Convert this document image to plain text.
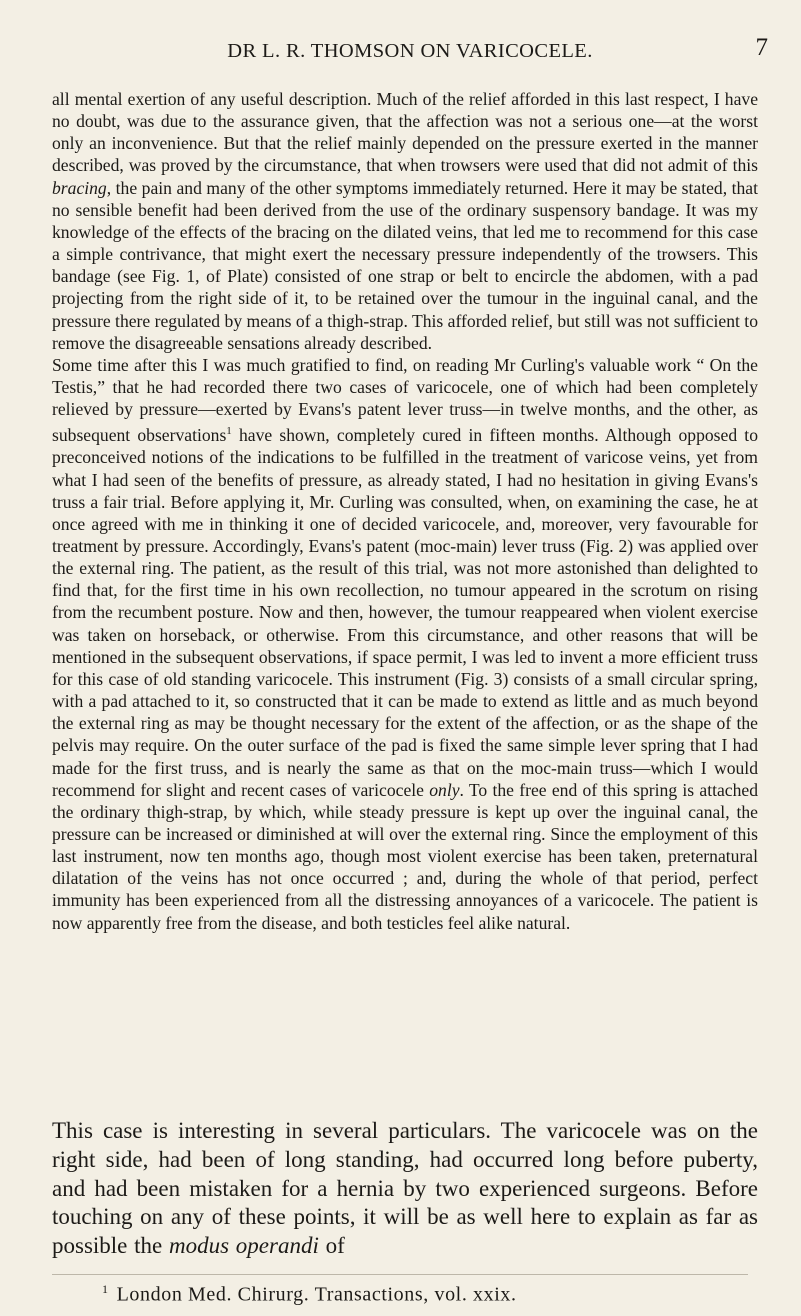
DR L. R. THOMSON ON VARICOCELE.	7

all mental exertion of any useful description. Much of the relief afforded in this last respect, I have no doubt, was due to the assurance given, that the affection was not a serious one—at the worst only an inconvenience. But that the relief mainly depended on the pressure exerted in the manner described, was proved by the circumstance, that when trowsers were used that did not admit of this bracing, the pain and many of the other symptoms immediately returned. Here it may be stated, that no sensible benefit had been derived from the use of the ordinary suspensory bandage. It was my knowledge of the effects of the bracing on the dilated veins, that led me to recommend for this case a simple contrivance, that might exert the necessary pressure independently of the trowsers. This bandage (see Fig. 1, of Plate) consisted of one strap or belt to encircle the abdomen, with a pad projecting from the right side of it, to be retained over the tumour in the inguinal canal, and the pressure there regulated by means of a thigh-strap. This afforded relief, but still was not sufficient to remove the disagreeable sensations already described.

Some time after this I was much gratified to find, on reading Mr Curling's valuable work “ On the Testis,” that he had recorded there two cases of varicocele, one of which had been completely relieved by pressure—exerted by Evans's patent lever truss—in twelve months, and the other, as subsequent observations$^1$ have shown, completely cured in fifteen months. Although opposed to preconceived notions of the indications to be fulfilled in the treatment of varicose veins, yet from what I had seen of the benefits of pressure, as already stated, I had no hesitation in giving Evans's truss a fair trial. Before applying it, Mr. Curling was consulted, when, on examining the case, he at once agreed with me in thinking it one of decided varicocele, and, moreover, very favourable for treatment by pressure. Accordingly, Evans's patent (moc-main) lever truss (Fig. 2) was applied over the external ring. The patient, as the result of this trial, was not more astonished than delighted to find that, for the first time in his own recollection, no tumour appeared in the scrotum on rising from the recumbent posture. Now and then, however, the tumour reappeared when violent exercise was taken on horseback, or otherwise. From this circumstance, and other reasons that will be mentioned in the subsequent observations, if space permit, I was led to invent a more efficient truss for this case of old standing varicocele. This instrument (Fig. 3) consists of a small circular spring, with a pad attached to it, so constructed that it can be made to extend as little and as much beyond the external ring as may be thought necessary for the extent of the affection, or as the shape of the pelvis may require. On the outer surface of the pad is fixed the same simple lever spring that I had made for the first truss, and is nearly the same as that on the moc-main truss—which I would recommend for slight and recent cases of varicocele only. To the free end of this spring is attached the ordinary thigh-strap, by which, while steady pressure is kept up over the inguinal canal, the pressure can be increased or diminished at will over the external ring. Since the employment of this last instrument, now ten months ago, though most violent exercise has been taken, preternatural dilatation of the veins has not once occurred ; and, during the whole of that period, perfect immunity has been experienced from all the distressing annoyances of a varicocele. The patient is now apparently free from the disease, and both testicles feel alike natural.

This case is interesting in several particulars. The varicocele was on the right side, had been of long standing, had occurred long before puberty, and had been mistaken for a hernia by two experienced surgeons. Before touching on any of these points, it will be as well here to explain as far as possible the modus operandi of

$^1$ London Med. Chirurg. Transactions, vol. xxix.
